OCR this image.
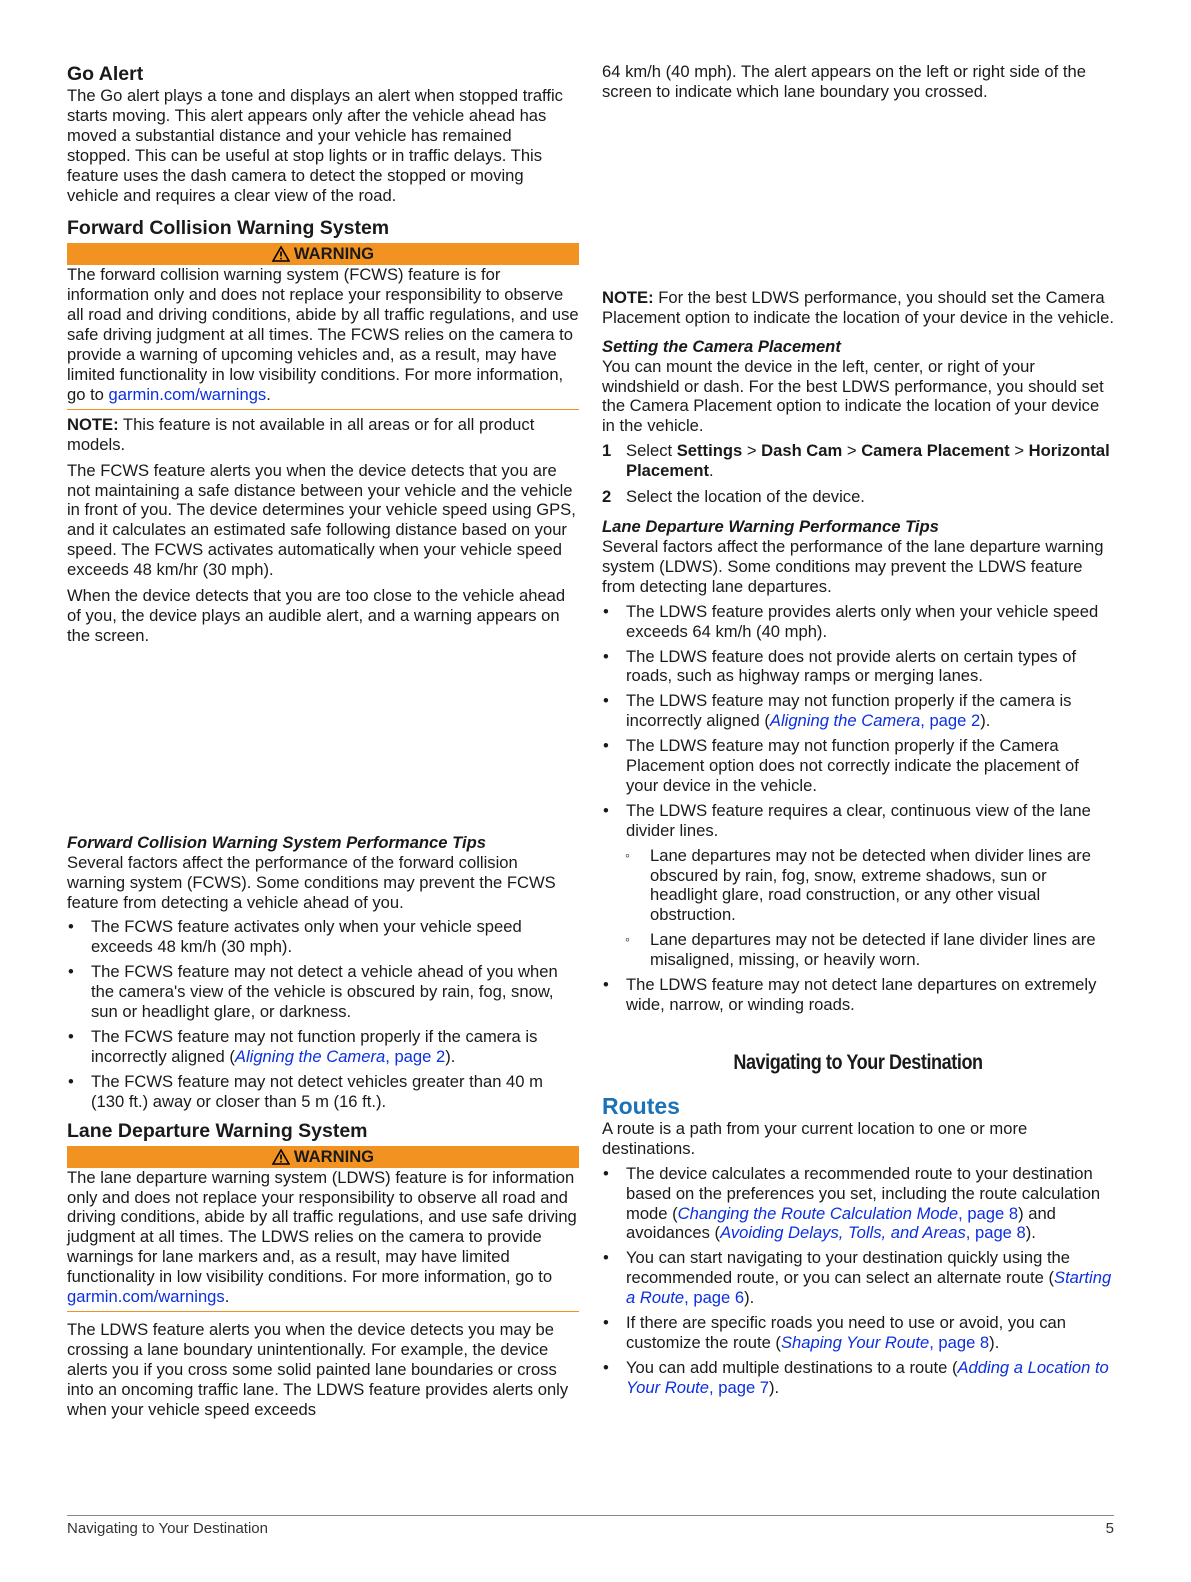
Go Alert

The Go alert plays a tone and displays an alert when stopped traffic starts moving. This alert appears only after the vehicle ahead has moved a substantial distance and your vehicle has remained stopped. This can be useful at stop lights or in traffic delays. This feature uses the dash camera to detect the stopped or moving vehicle and requires a clear view of the road.

Forward Collision Warning System
WARNING

The forward collision warning system (FCWS) feature is for information only and does not replace your responsibility to observe all road and driving conditions, abide by all traffic regulations, and use safe driving judgment at all times. The FCWS relies on the camera to provide a warning of upcoming vehicles and, as a result, may have limited functionality in low visibility conditions. For more information, go to garmin.com/warnings.

NOTE: This feature is not available in all areas or for all product models.

The FCWS feature alerts you when the device detects that you are not maintaining a safe distance between your vehicle and the vehicle in front of you. The device determines your vehicle speed using GPS, and it calculates an estimated safe following distance based on your speed. The FCWS activates automatically when your vehicle speed exceeds 48 km/hr (30 mph).

When the device detects that you are too close to the vehicle ahead of you, the device plays an audible alert, and a warning appears on the screen.

Forward Collision Warning System Performance Tips

Several factors affect the performance of the forward collision warning system (FCWS). Some conditions may prevent the FCWS feature from detecting a vehicle ahead of you.

• The FCWS feature activates only when your vehicle speed exceeds 48 km/h (30 mph).
• The FCWS feature may not detect a vehicle ahead of you when the camera's view of the vehicle is obscured by rain, fog, snow, sun or headlight glare, or darkness.
• The FCWS feature may not function properly if the camera is incorrectly aligned (Aligning the Camera, page 2).
• The FCWS feature may not detect vehicles greater than 40 m (130 ft.) away or closer than 5 m (16 ft.).
Lane Departure Warning System
WARNING

The lane departure warning system (LDWS) feature is for information only and does not replace your responsibility to observe all road and driving conditions, abide by all traffic regulations, and use safe driving judgment at all times. The LDWS relies on the camera to provide warnings for lane markers and, as a result, may have limited functionality in low visibility conditions. For more information, go to garmin.com/warnings.

The LDWS feature alerts you when the device detects you may be crossing a lane boundary unintentionally. For example, the device alerts you if you cross some solid painted lane boundaries or cross into an oncoming traffic lane. The LDWS feature provides alerts only when your vehicle speed exceeds

64 km/h (40 mph). The alert appears on the left or right side of the screen to indicate which lane boundary you crossed.

NOTE: For the best LDWS performance, you should set the Camera Placement option to indicate the location of your device in the vehicle.

Setting the Camera Placement

You can mount the device in the left, center, or right of your windshield or dash. For the best LDWS performance, you should set the Camera Placement option to indicate the location of your device in the vehicle.

1 Select Settings > Dash Cam > Camera Placement > Horizontal Placement.
2 Select the location of the device.
Lane Departure Warning Performance Tips

Several factors affect the performance of the lane departure warning system (LDWS). Some conditions may prevent the LDWS feature from detecting lane departures.

• The LDWS feature provides alerts only when your vehicle speed exceeds 64 km/h (40 mph).
• The LDWS feature does not provide alerts on certain types of roads, such as highway ramps or merging lanes.
• The LDWS feature may not function properly if the camera is incorrectly aligned (Aligning the Camera, page 2).
• The LDWS feature may not function properly if the Camera Placement option does not correctly indicate the placement of your device in the vehicle.
• The LDWS feature requires a clear, continuous view of the lane divider lines.
◦ Lane departures may not be detected when divider lines are obscured by rain, fog, snow, extreme shadows, sun or headlight glare, road construction, or any other visual obstruction.
◦ Lane departures may not be detected if lane divider lines are misaligned, missing, or heavily worn.
• The LDWS feature may not detect lane departures on extremely wide, narrow, or winding roads.
Navigating to Your Destination
Routes

A route is a path from your current location to one or more destinations.

• The device calculates a recommended route to your destination based on the preferences you set, including the route calculation mode (Changing the Route Calculation Mode, page 8) and avoidances (Avoiding Delays, Tolls, and Areas, page 8).
• You can start navigating to your destination quickly using the recommended route, or you can select an alternate route (Starting a Route, page 6).
• If there are specific roads you need to use or avoid, you can customize the route (Shaping Your Route, page 8).
• You can add multiple destinations to a route (Adding a Location to Your Route, page 7).
Navigating to Your Destination	5
